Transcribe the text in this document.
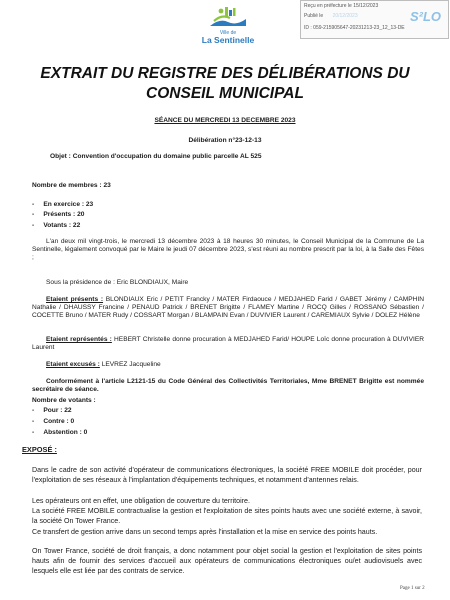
Ville de
La Sentinelle
Reçu en préfecture le 15/12/2023
Publié le 20/12/2023
ID : 059-215905647-20231213-23_12_13-DE
S²LO
EXTRAIT DU REGISTRE DES DÉLIBÉRATIONS DU
CONSEIL MUNICIPAL
SÉANCE DU MERCREDI 13 DECEMBRE 2023
Délibération n°23-12-13
Objet : Convention d'occupation du domaine public parcelle AL 525
Nombre de membres : 23
-     En exercice : 23
-     Présents : 20
-     Votants : 22
L'an deux mil vingt-trois, le mercredi 13 décembre 2023 à 18 heures 30 minutes, le Conseil Municipal de la Commune de La Sentinelle, légalement convoqué par le Maire le jeudi 07 décembre 2023, s'est réuni au nombre prescrit par la loi, à la Salle des Fêtes ;
Sous la présidence de : Eric BLONDIAUX, Maire
Etaient présents : BLONDIAUX Eric / PETIT Francky / MATER Firdaouce / MEDJAHED Farid / GABET Jérémy / CAMPHIN Nathalie / DHAUSSY Francine / PENAUD Patrick / BRENET Brigitte / FLAMEY Martine / ROCQ Gilles / ROSSANO Sébastien / COCETTE Bruno / MATER Rudy / COSSART Morgan / BLAMPAIN Evan / DUVIVIER Laurent / CAREMIAUX Sylvie / DOLEZ Hélène
Etaient représentés : HEBERT Christelle donne procuration à MEDJAHED Farid/ HOUPE Loïc donne procuration à DUVIVIER Laurent
Etaient excusés : LEVREZ Jacqueline
Conformément à l'article L2121-15 du Code Général des Collectivités Territoriales, Mme BRENET Brigitte est nommée secrétaire de séance.
Nombre de votants :
-     Pour : 22
-     Contre : 0
-     Abstention : 0
EXPOSÉ :
Dans le cadre de son activité d'opérateur de communications électroniques, la société FREE MOBILE doit procéder, pour l'exploitation de ses réseaux à l'implantation d'équipements techniques, et notamment d'antennes relais.
Les opérateurs ont en effet, une obligation de couverture du territoire.
La société FREE MOBILE contractualise la gestion et l'exploitation de sites points hauts avec une société externe, à savoir, la société On Tower France.
Ce transfert de gestion arrive dans un second temps après l'installation et la mise en service des points hauts.
On Tower France, société de droit français, a donc notamment pour objet social la gestion et l'exploitation de sites points hauts afin de fournir des services d'accueil aux opérateurs de communications électroniques ou/et audiovisuels avec lesquels elle est liée par des contrats de service.
Page 1 sur 2
